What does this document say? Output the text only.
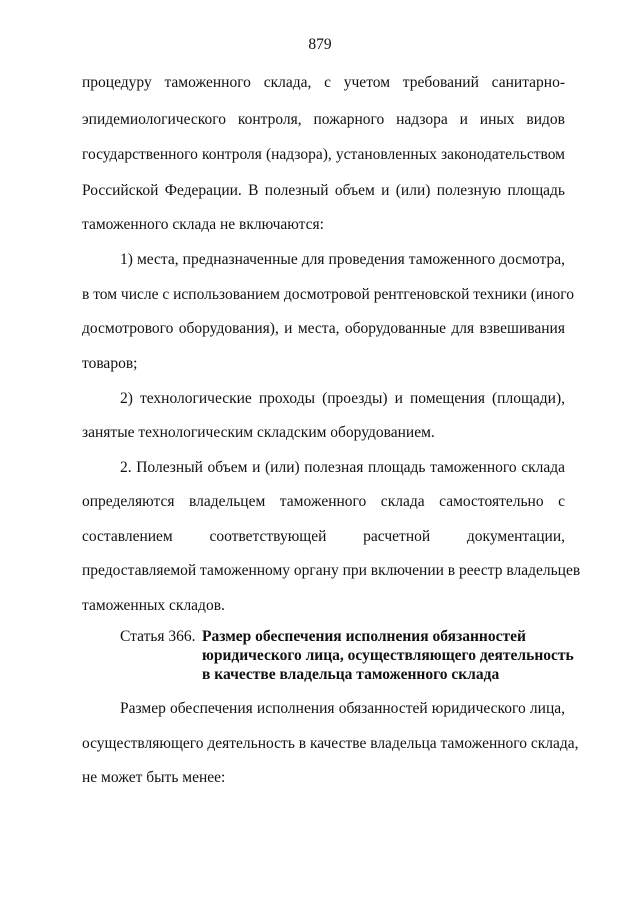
879
процедуру таможенного склада, с учетом требований санитарно-
эпидемиологического контроля, пожарного надзора и иных видов
государственного контроля (надзора), установленных законодательством
Российской Федерации. В полезный объем и (или) полезную площадь
таможенного склада не включаются:
1) места, предназначенные для проведения таможенного досмотра,
в том числе с использованием досмотровой рентгеновской техники (иного
досмотрового оборудования), и места, оборудованные для взвешивания
товаров;
2) технологические проходы (проезды) и помещения (площади),
занятые технологическим складским оборудованием.
2. Полезный объем и (или) полезная площадь таможенного склада
определяются владельцем таможенного склада самостоятельно с
составлением соответствующей расчетной документации,
предоставляемой таможенному органу при включении в реестр владельцев
таможенных складов.
Статья 366. Размер обеспечения исполнения обязанностей
юридического лица, осуществляющего деятельность
в качестве владельца таможенного склада
Размер обеспечения исполнения обязанностей юридического лица,
осуществляющего деятельность в качестве владельца таможенного склада,
не может быть менее:
